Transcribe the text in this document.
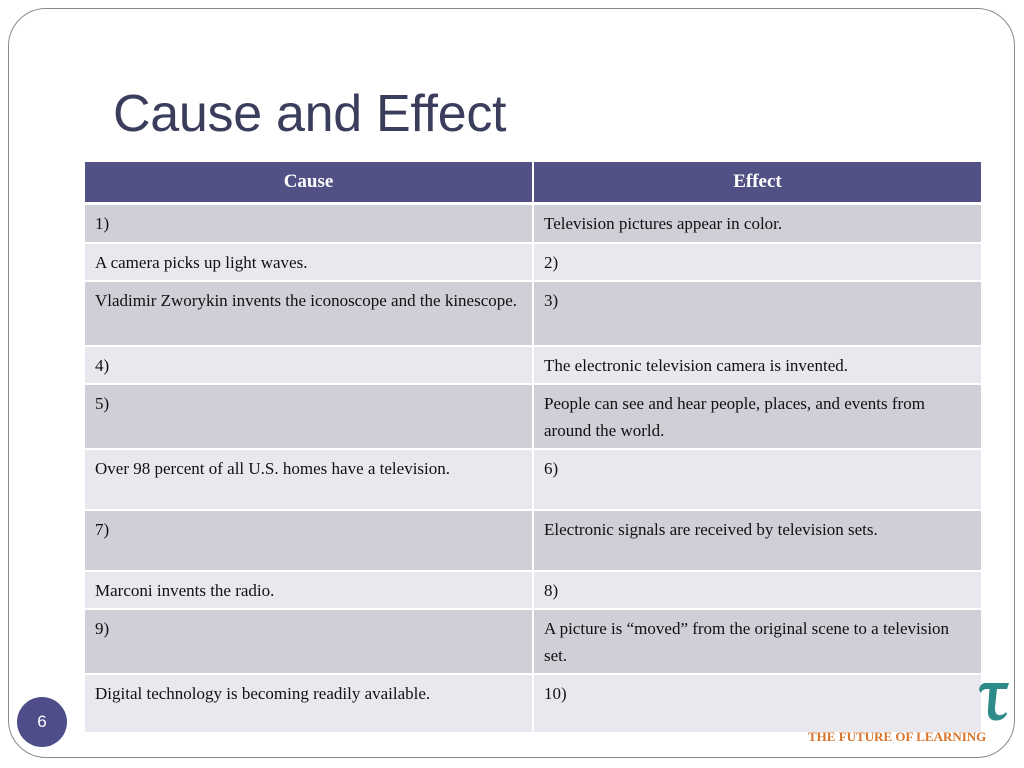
Cause and Effect
Cause	Effect
1)	Television pictures appear in color.
A camera picks up light waves.	2)
Vladimir Zworykin invents the iconoscope and the kinescope.	3)
4)	The electronic television camera is invented.
5)	People can see and hear people, places, and events from around the world.
Over 98 percent of all U.S. homes have a television.	6)
7)	Electronic signals are received by television sets.
Marconi invents the radio.	8)
9)	A picture is “moved” from the original scene to a television set.
Digital technology is becoming readily available.	10)
6
THE FUTURE OF LEARNING
